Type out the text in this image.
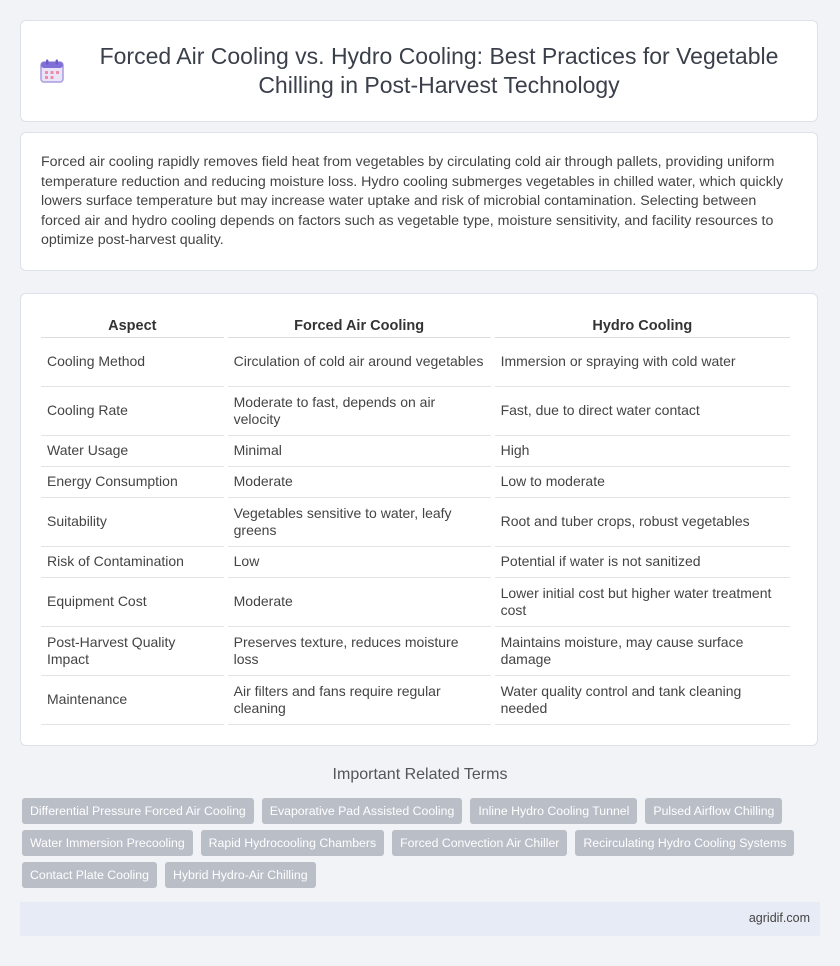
Forced Air Cooling vs. Hydro Cooling: Best Practices for Vegetable Chilling in Post-Harvest Technology

Forced air cooling rapidly removes field heat from vegetables by circulating cold air through pallets, providing uniform temperature reduction and reducing moisture loss. Hydro cooling submerges vegetables in chilled water, which quickly lowers surface temperature but may increase water uptake and risk of microbial contamination. Selecting between forced air and hydro cooling depends on factors such as vegetable type, moisture sensitivity, and facility resources to optimize post-harvest quality.

Aspect	Forced Air Cooling	Hydro Cooling
Cooling Method	Circulation of cold air around vegetables	Immersion or spraying with cold water
Cooling Rate	Moderate to fast, depends on air velocity	Fast, due to direct water contact
Water Usage	Minimal	High
Energy Consumption	Moderate	Low to moderate
Suitability	Vegetables sensitive to water, leafy greens	Root and tuber crops, robust vegetables
Risk of Contamination	Low	Potential if water is not sanitized
Equipment Cost	Moderate	Lower initial cost but higher water treatment cost
Post-Harvest Quality Impact	Preserves texture, reduces moisture loss	Maintains moisture, may cause surface damage
Maintenance	Air filters and fans require regular cleaning	Water quality control and tank cleaning needed
Important Related Terms
Differential Pressure Forced Air Cooling	Evaporative Pad Assisted Cooling	Inline Hydro Cooling Tunnel	Pulsed Airflow Chilling
Water Immersion Precooling	Rapid Hydrocooling Chambers	Forced Convection Air Chiller	Recirculating Hydro Cooling Systems
Contact Plate Cooling	Hybrid Hydro-Air Chilling
agridif.com
